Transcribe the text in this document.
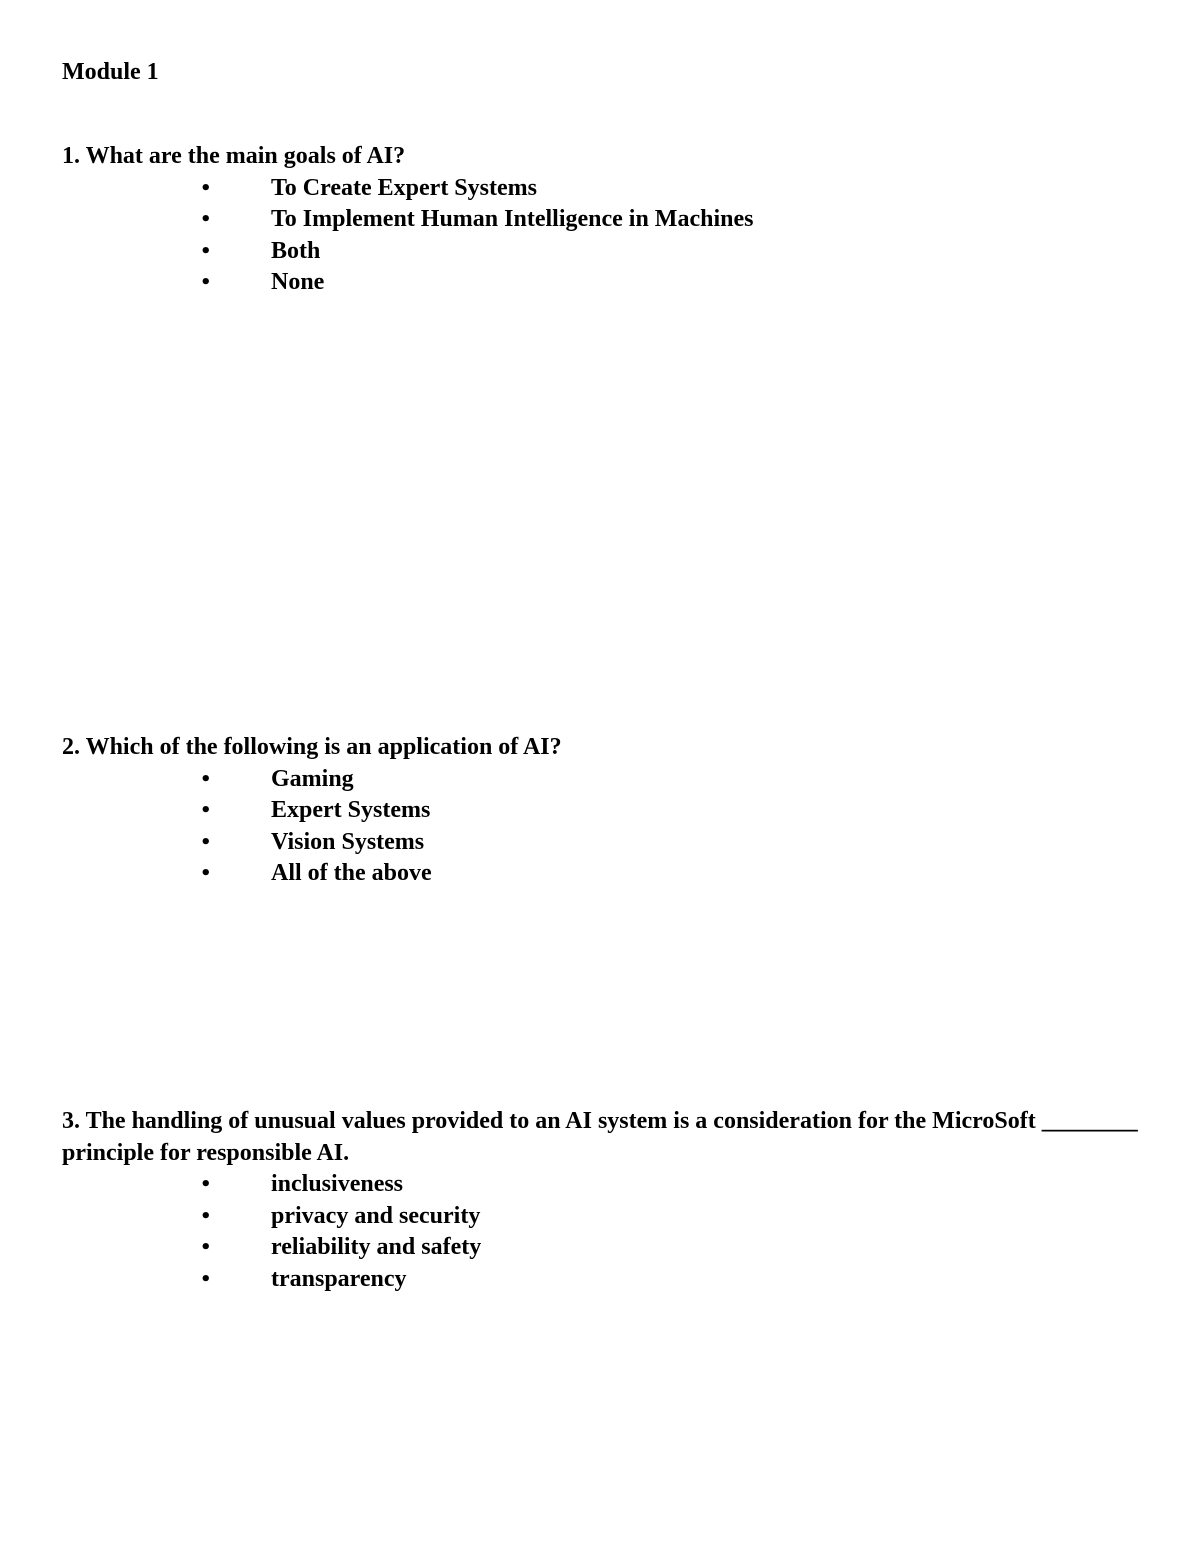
Module 1

1. What are the main goals of AI?

• To Create Expert Systems
• To Implement Human Intelligence in Machines
• Both
• None

2. Which of the following is an application of AI?

• Gaming
• Expert Systems
• Vision Systems
• All of the above

3. The handling of unusual values provided to an AI system is a consideration for the MicroSoft ________ principle for responsible AI.

• inclusiveness
• privacy and security
• reliability and safety
• transparency
